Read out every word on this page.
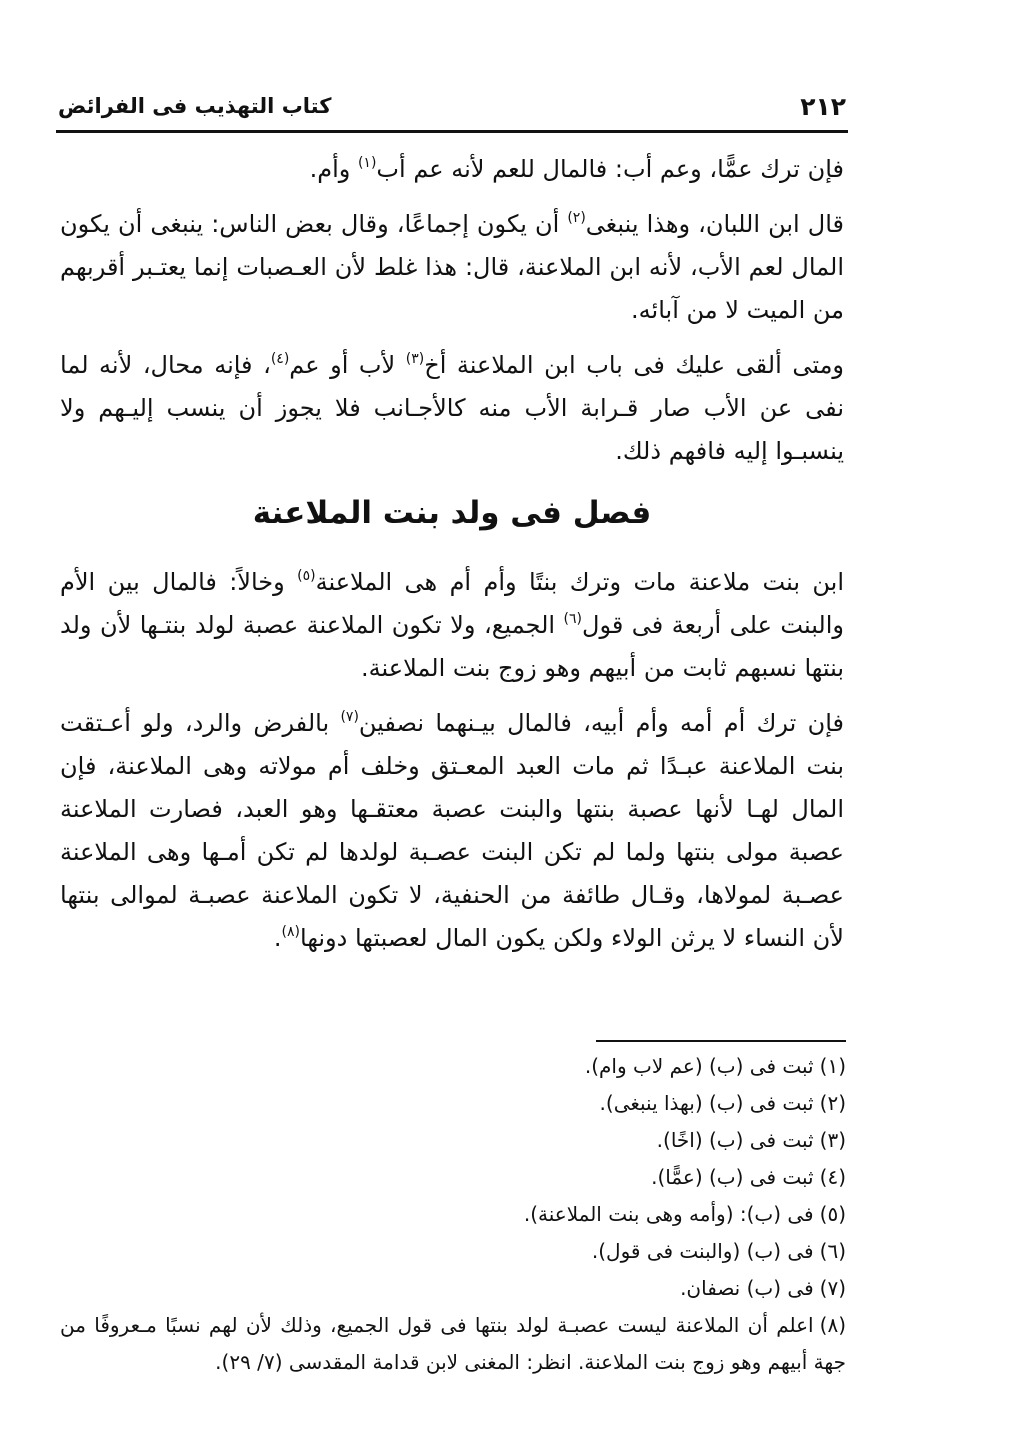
٢١٢
كتاب التهذيب فى الفرائض

فإن ترك عمًّا، وعم أب: فالمال للعم لأنه عم أب$^{(١)}$ وأم.

قال ابن اللبان، وهذا ينبغى$^{(٢)}$ أن يكون إجماعًا، وقال بعض الناس: ينبغى أن يكون المال لعم الأب، لأنه ابن الملاعنة، قال: هذا غلط لأن العـصبات إنما يعتـبر أقربهم من الميت لا من آبائه.

ومتى ألقى عليك فى باب ابن الملاعنة أخ$^{(٣)}$ لأب أو عم$^{(٤)}$، فإنه محال، لأنه لما نفى عن الأب صار قـرابة الأب منه كالأجـانب فلا يجوز أن ينسب إليـهم ولا ينسبـوا إليه فافهم ذلك.

فصل فى ولد بنت الملاعنة

ابن بنت ملاعنة مات وترك بنتًا وأم أم هى الملاعنة$^{(٥)}$ وخالاً: فالمال بين الأم والبنت على أربعة فى قول$^{(٦)}$ الجميع، ولا تكون الملاعنة عصبة لولد بنتـها لأن ولد بنتها نسبهم ثابت من أبيهم وهو زوج بنت الملاعنة.

فإن ترك أم أمه وأم أبيه، فالمال بيـنهما نصفين$^{(٧)}$ بالفرض والرد، ولو أعـتقت بنت الملاعنة عبـدًا ثم مات العبد المعـتق وخلف أم مولاته وهى الملاعنة، فإن المال لهـا لأنها عصبة بنتها والبنت عصبة معتقـها وهو العبد، فصارت الملاعنة عصبة مولى بنتها ولما لم تكن البنت عصـبة لولدها لم تكن أمـها وهى الملاعنة عصـبة لمولاها، وقـال طائفة من الحنفية، لا تكون الملاعنة عصبـة لموالى بنتها لأن النساء لا يرثن الولاء ولكن يكون المال لعصبتها دونها$^{(٨)}$.

(١)ثبت فى (ب) (عم لاب وام).

(٢)ثبت فى (ب) (بهذا ينبغى).

(٣)ثبت فى (ب) (اخًا).

(٤)ثبت فى (ب) (عمًّا).

(٥)فى (ب): (وأمه وهى بنت الملاعنة).

(٦)فى (ب) (والبنت فى قول).

(٧)فى (ب) نصفان.

(٨)اعلم أن الملاعنة ليست عصبـة لولد بنتها فى قول الجميع، وذلك لأن لهم نسبًا مـعروفًا من جهة أبيهم وهو زوج بنت الملاعنة. انظر: المغنى لابن قدامة المقدسى (٧/ ٢٩).
